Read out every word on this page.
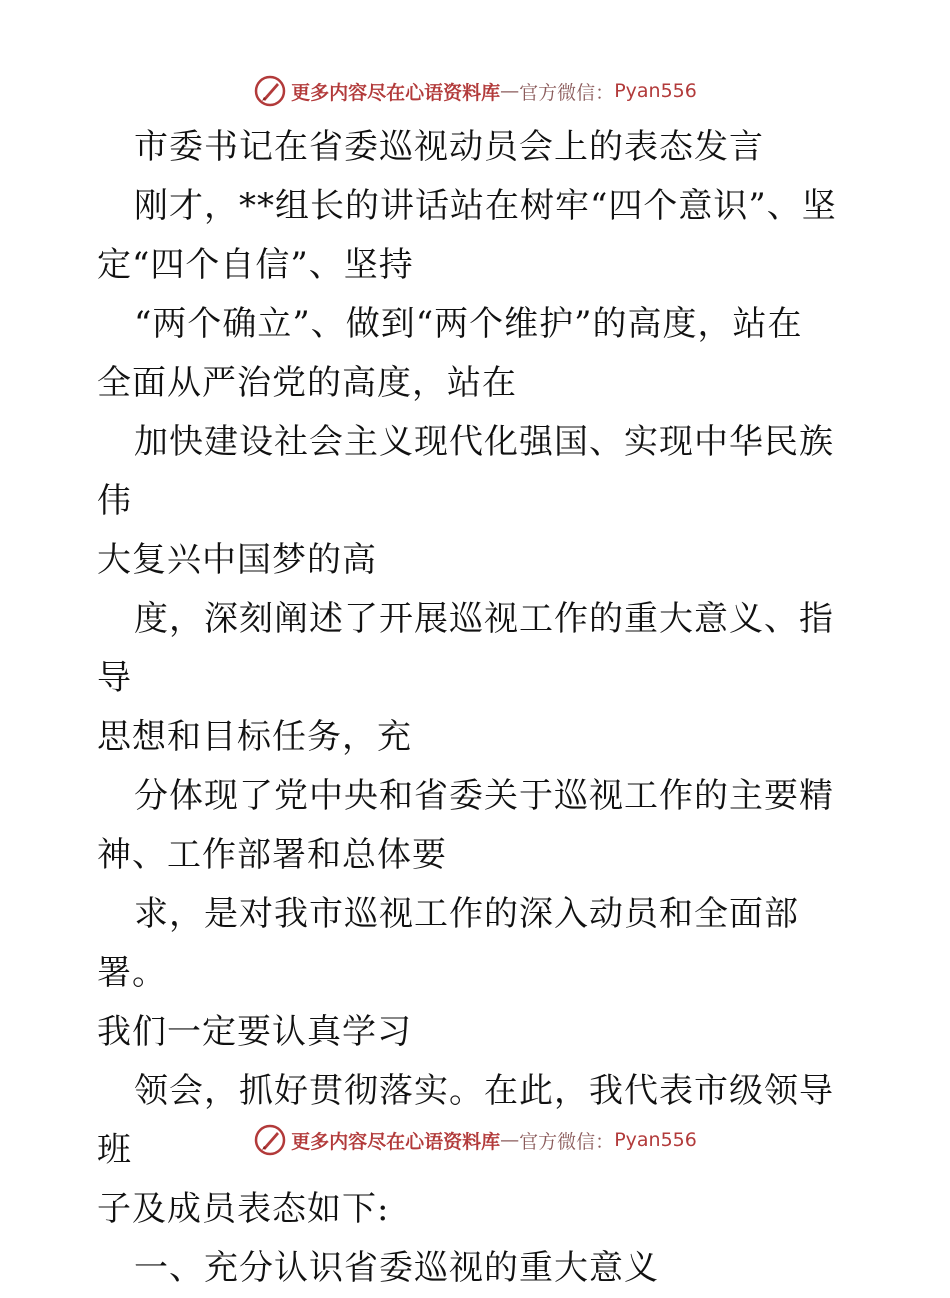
更多内容尽在心语资料库 — 官方微信： Pyan556

市委书记在省委巡视动员会上的表态发言

刚才，**组长的讲话站在树牢“四个意识”、坚

定“四个自信”、坚持

“两个确立”、做到“两个维护”的高度，站在

全面从严治党的高度，站在

加快建设社会主义现代化强国、实现中华民族伟

大复兴中国梦的高

度，深刻阐述了开展巡视工作的重大意义、指导

思想和目标任务，充

分体现了党中央和省委关于巡视工作的主要精

神、工作部署和总体要

求，是对我市巡视工作的深入动员和全面部署。

我们一定要认真学习

领会，抓好贯彻落实。在此，我代表市级领导班

子及成员表态如下:

一、充分认识省委巡视的重大意义

更多内容尽在心语资料库 — 官方微信： Pyan556
